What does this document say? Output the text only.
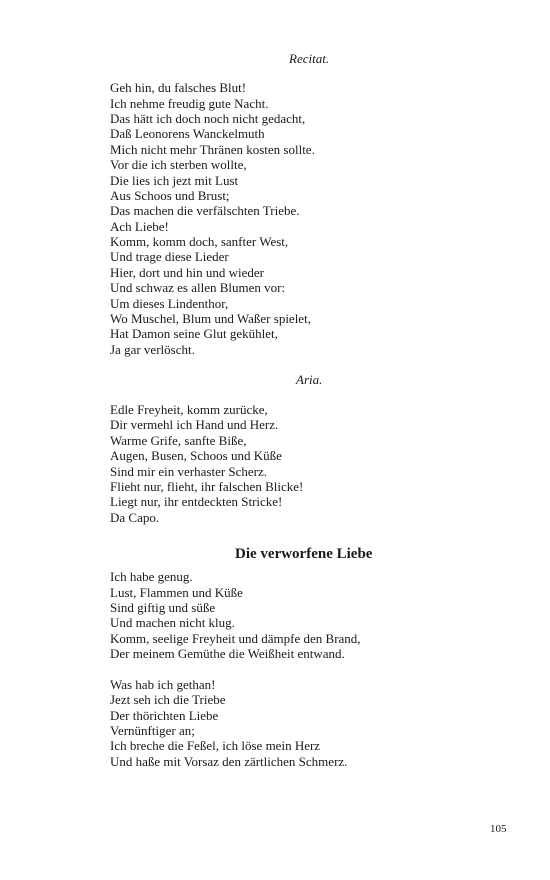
Recitat.
Geh hin, du falsches Blut!
Ich nehme freudig gute Nacht.
Das hätt ich doch noch nicht gedacht,
Daß Leonorens Wanckelmuth
Mich nicht mehr Thränen kosten sollte.
Vor die ich sterben wollte,
Die lies ich jezt mit Lust
Aus Schoos und Brust;
Das machen die verfälschten Triebe.
Ach Liebe!
Komm, komm doch, sanfter West,
Und trage diese Lieder
Hier, dort und hin und wieder
Und schwaz es allen Blumen vor:
Um dieses Lindenthor,
Wo Muschel, Blum und Waßer spielet,
Hat Damon seine Glut gekühlet,
Ja gar verlöscht.
Aria.
Edle Freyheit, komm zurücke,
Dir vermehl ich Hand und Herz.
Warme Grife, sanfte Biße,
Augen, Busen, Schoos und Küße
Sind mir ein verhaster Scherz.
Flieht nur, flieht, ihr falschen Blicke!
Liegt nur, ihr entdeckten Stricke!
Da Capo.
Die verworfene Liebe
Ich habe genug.
Lust, Flammen und Küße
Sind giftig und süße
Und machen nicht klug.
Komm, seelige Freyheit und dämpfe den Brand,
Der meinem Gemüthe die Weißheit entwand.
Was hab ich gethan!
Jezt seh ich die Triebe
Der thörichten Liebe
Vernünftiger an;
Ich breche die Feßel, ich löse mein Herz
Und haße mit Vorsaz den zärtlichen Schmerz.
105
